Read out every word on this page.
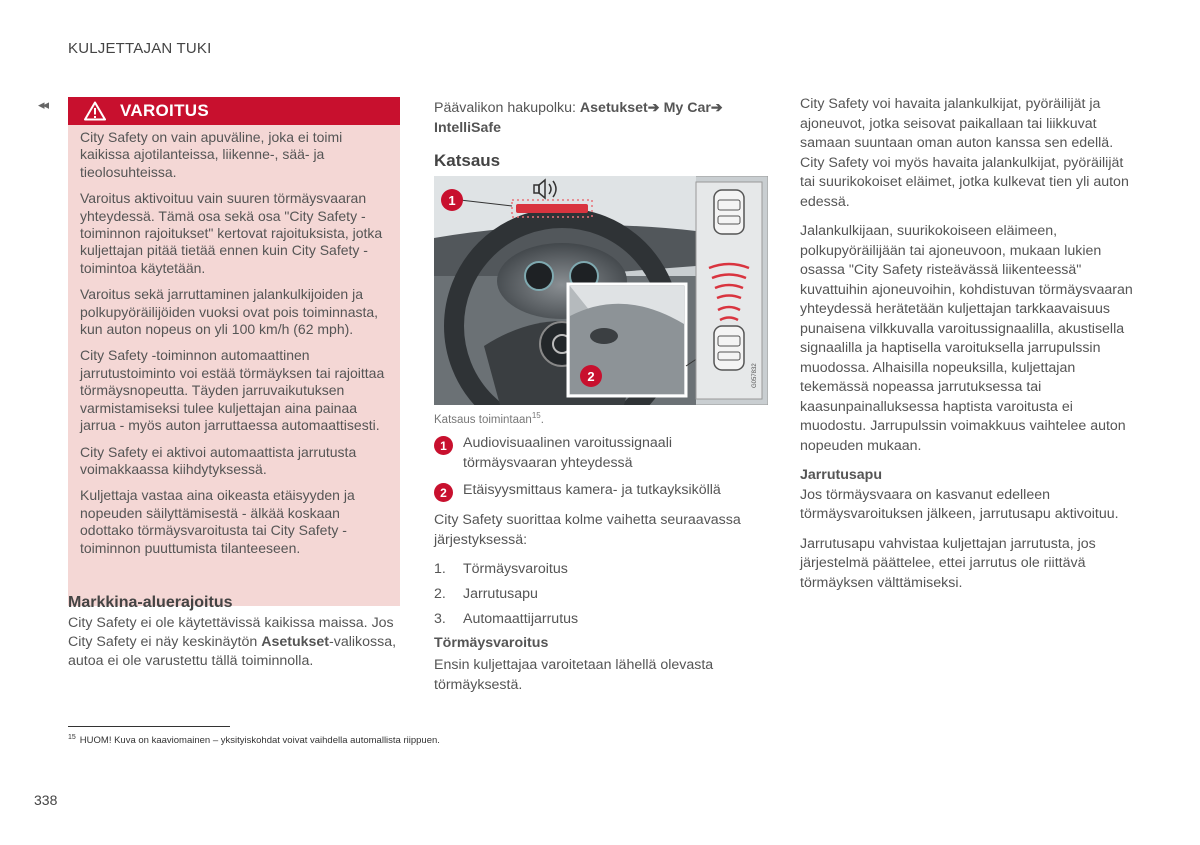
KULJETTAJAN TUKI
◂◂	VAROITUS

City Safety on vain apuväline, joka ei toimi kaikissa ajotilanteissa, liikenne-, sää- ja tieolosuhteissa.

Varoitus aktivoituu vain suuren törmäysvaaran yhteydessä. Tämä osa sekä osa "City Safety -toiminnon rajoitukset" kertovat rajoituksista, jotka kuljettajan pitää tietää ennen kuin City Safety -toimintoa käytetään.

Varoitus sekä jarruttaminen jalankulkijoiden ja polkupyöräilijöiden vuoksi ovat pois toiminnasta, kun auton nopeus on yli 100 km/h (62 mph).

City Safety -toiminnon automaattinen jarrutustoiminto voi estää törmäyksen tai rajoittaa törmäysnopeutta. Täyden jarruvaikutuksen varmistamiseksi tulee kuljettajan aina painaa jarrua - myös auton jarruttaessa automaattisesti.

City Safety ei aktivoi automaattista jarrutusta voimakkaassa kiihdytyksessä.

Kuljettaja vastaa aina oikeasta etäisyyden ja nopeuden säilyttämisestä - älkää koskaan odottako törmäysvaroitusta tai City Safety -toiminnon puuttumista tilanteeseen.

Markkina-aluerajoitus
City Safety ei ole käytettävissä kaikissa maissa. Jos City Safety ei näy keskinäytön Asetukset-valikossa, autoa ei ole varustettu tällä toiminnolla.
Päävalikon hakupolku: Asetukset➔ My Car➔
IntelliSafe
Katsaus
1
2	G057832
Katsaus toimintaan$^{15}$.
1	Audiovisuaalinen varoitussignaali törmäysvaaran yhteydessä
2	Etäisyysmittaus kamera- ja tutkayksiköllä
City Safety suorittaa kolme vaihetta seuraavassa järjestyksessä:
1. Törmäysvaroitus
2. Jarrutusapu
3. Automaattijarrutus
Törmäysvaroitus
Ensin kuljettajaa varoitetaan lähellä olevasta törmäyksestä.

City Safety voi havaita jalankulkijat, pyöräilijät ja ajoneuvot, jotka seisovat paikallaan tai liikkuvat samaan suuntaan oman auton kanssa sen edellä. City Safety voi myös havaita jalankulkijat, pyöräilijät tai suurikokoiset eläimet, jotka kulkevat tien yli auton edessä.

Jalankulkijaan, suurikokoiseen eläimeen, polkupyöräilijään tai ajoneuvoon, mukaan lukien osassa "City Safety risteävässä liikenteessä" kuvattuihin ajoneuvoihin, kohdistuvan törmäysvaaran yhteydessä herätetään kuljettajan tarkkaavaisuus punaisena vilkkuvalla varoitussignaalilla, akustisella signaalilla ja haptisella varoituksella jarrupulssin muodossa. Alhaisilla nopeuksilla, kuljettajan tekemässä nopeassa jarrutuksessa tai kaasunpainalluksessa haptista varoitusta ei muodostu. Jarrupulssin voimakkuus vaihtelee auton nopeuden mukaan.

Jarrutusapu

Jos törmäysvaara on kasvanut edelleen törmäysvaroituksen jälkeen, jarrutusapu aktivoituu.

Jarrutusapu vahvistaa kuljettajan jarrutusta, jos järjestelmä päättelee, ettei jarrutus ole riittävä törmäyksen välttämiseksi.

$^{15}$ HUOM! Kuva on kaaviomainen – yksityiskohdat voivat vaihdella automallista riippuen.
338
